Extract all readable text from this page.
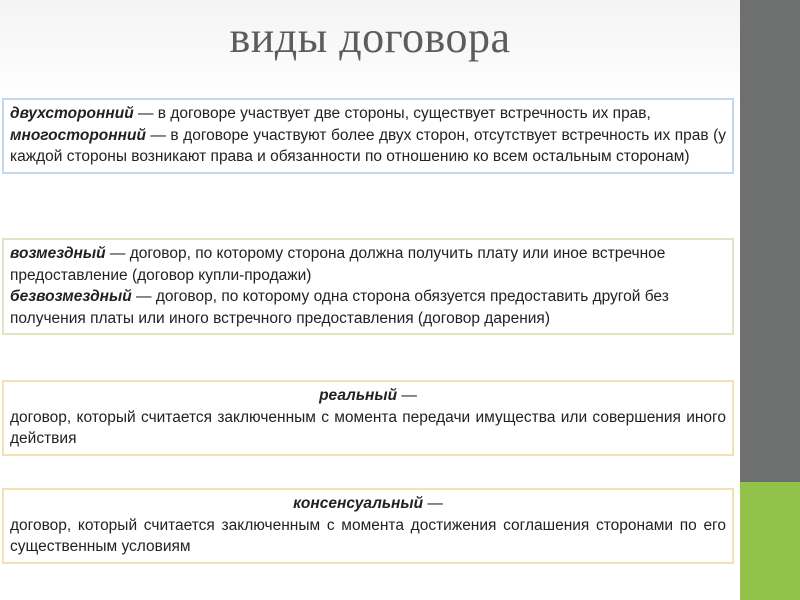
виды договора

двухсторонний — в договоре участвует две стороны, существует встречность их прав,

многосторонний — в договоре участвуют более двух сторон, отсутствует встречность их прав (у каждой стороны возникают права и обязанности по отношению ко всем остальным сторонам)

возмездный — договор, по которому сторона должна получить плату или иное встречное предоставление (договор купли-продажи)

безвозмездный — договор, по которому одна сторона обязуется предоставить другой без получения платы или иного встречного предоставления (договор дарения)

реальный —

договор, который считается заключенным с момента передачи имущества или совершения иного действия

консенсуальный —

договор, который считается заключенным с момента достижения соглашения сторонами по его существенным условиям
